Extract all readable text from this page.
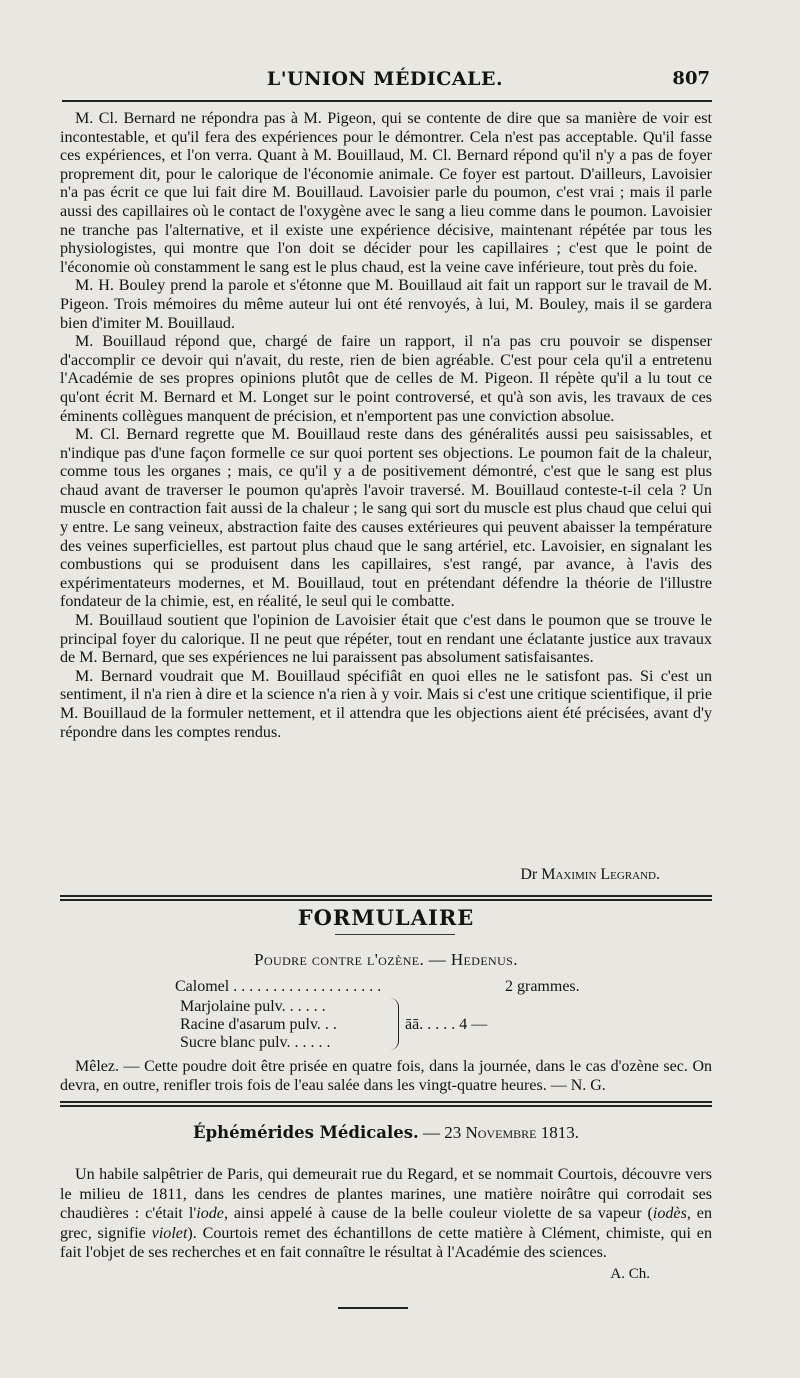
L'UNION MÉDICALE.	807

M. Cl. Bernard ne répondra pas à M. Pigeon, qui se contente de dire que sa manière de voir est incontestable, et qu'il fera des expériences pour le démontrer. Cela n'est pas acceptable. Qu'il fasse ces expériences, et l'on verra. Quant à M. Bouillaud, M. Cl. Bernard répond qu'il n'y a pas de foyer proprement dit, pour le calorique de l'économie animale. Ce foyer est partout. D'ailleurs, Lavoisier n'a pas écrit ce que lui fait dire M. Bouillaud. Lavoisier parle du poumon, c'est vrai ; mais il parle aussi des capillaires où le contact de l'oxygène avec le sang a lieu comme dans le poumon. Lavoisier ne tranche pas l'alternative, et il existe une expérience décisive, maintenant répétée par tous les physiologistes, qui montre que l'on doit se décider pour les capillaires ; c'est que le point de l'économie où constamment le sang est le plus chaud, est la veine cave inférieure, tout près du foie.

M. H. Bouley prend la parole et s'étonne que M. Bouillaud ait fait un rapport sur le travail de M. Pigeon. Trois mémoires du même auteur lui ont été renvoyés, à lui, M. Bouley, mais il se gardera bien d'imiter M. Bouillaud.

M. Bouillaud répond que, chargé de faire un rapport, il n'a pas cru pouvoir se dispenser d'accomplir ce devoir qui n'avait, du reste, rien de bien agréable. C'est pour cela qu'il a entretenu l'Académie de ses propres opinions plutôt que de celles de M. Pigeon. Il répète qu'il a lu tout ce qu'ont écrit M. Bernard et M. Longet sur le point controversé, et qu'à son avis, les travaux de ces éminents collègues manquent de précision, et n'emportent pas une conviction absolue.

M. Cl. Bernard regrette que M. Bouillaud reste dans des généralités aussi peu saisissables, et n'indique pas d'une façon formelle ce sur quoi portent ses objections. Le poumon fait de la chaleur, comme tous les organes ; mais, ce qu'il y a de positivement démontré, c'est que le sang est plus chaud avant de traverser le poumon qu'après l'avoir traversé. M. Bouillaud conteste-t-il cela ? Un muscle en contraction fait aussi de la chaleur ; le sang qui sort du muscle est plus chaud que celui qui y entre. Le sang veineux, abstraction faite des causes extérieures qui peuvent abaisser la température des veines superficielles, est partout plus chaud que le sang artériel, etc. Lavoisier, en signalant les combustions qui se produisent dans les capillaires, s'est rangé, par avance, à l'avis des expérimentateurs modernes, et M. Bouillaud, tout en prétendant défendre la théorie de l'illustre fondateur de la chimie, est, en réalité, le seul qui le combatte.

M. Bouillaud soutient que l'opinion de Lavoisier était que c'est dans le poumon que se trouve le principal foyer du calorique. Il ne peut que répéter, tout en rendant une éclatante justice aux travaux de M. Bernard, que ses expériences ne lui paraissent pas absolument satisfaisantes.

M. Bernard voudrait que M. Bouillaud spécifiât en quoi elles ne le satisfont pas. Si c'est un sentiment, il n'a rien à dire et la science n'a rien à y voir. Mais si c'est une critique scientifique, il prie M. Bouillaud de la formuler nettement, et il attendra que les objections aient été précisées, avant d'y répondre dans les comptes rendus.

Dr Maximin Legrand.
FORMULAIRE
Poudre contre l'ozène. — Hedenus.
Calomel . . . . . . . . . . . . . . . . . . .	2 grammes.
Marjolaine pulv. . . . . .
Racine d'asarum pulv. . .
Sucre blanc pulv. . . . . .
āā. . . . . 4 —
Mêlez. — Cette poudre doit être prisée en quatre fois, dans la journée, dans le cas d'ozène sec. On devra, en outre, renifler trois fois de l'eau salée dans les vingt-quatre heures. — N. G.
Éphémérides Médicales. — 23 Novembre 1813.
Un habile salpêtrier de Paris, qui demeurait rue du Regard, et se nommait Courtois, découvre vers le milieu de 1811, dans les cendres de plantes marines, une matière noirâtre qui corrodait ses chaudières : c'était l'iode, ainsi appelé à cause de la belle couleur violette de sa vapeur (iodès, en grec, signifie violet). Courtois remet des échantillons de cette matière à Clément, chimiste, qui en fait l'objet de ses recherches et en fait connaître le résultat à l'Académie des sciences.
A. Ch.
